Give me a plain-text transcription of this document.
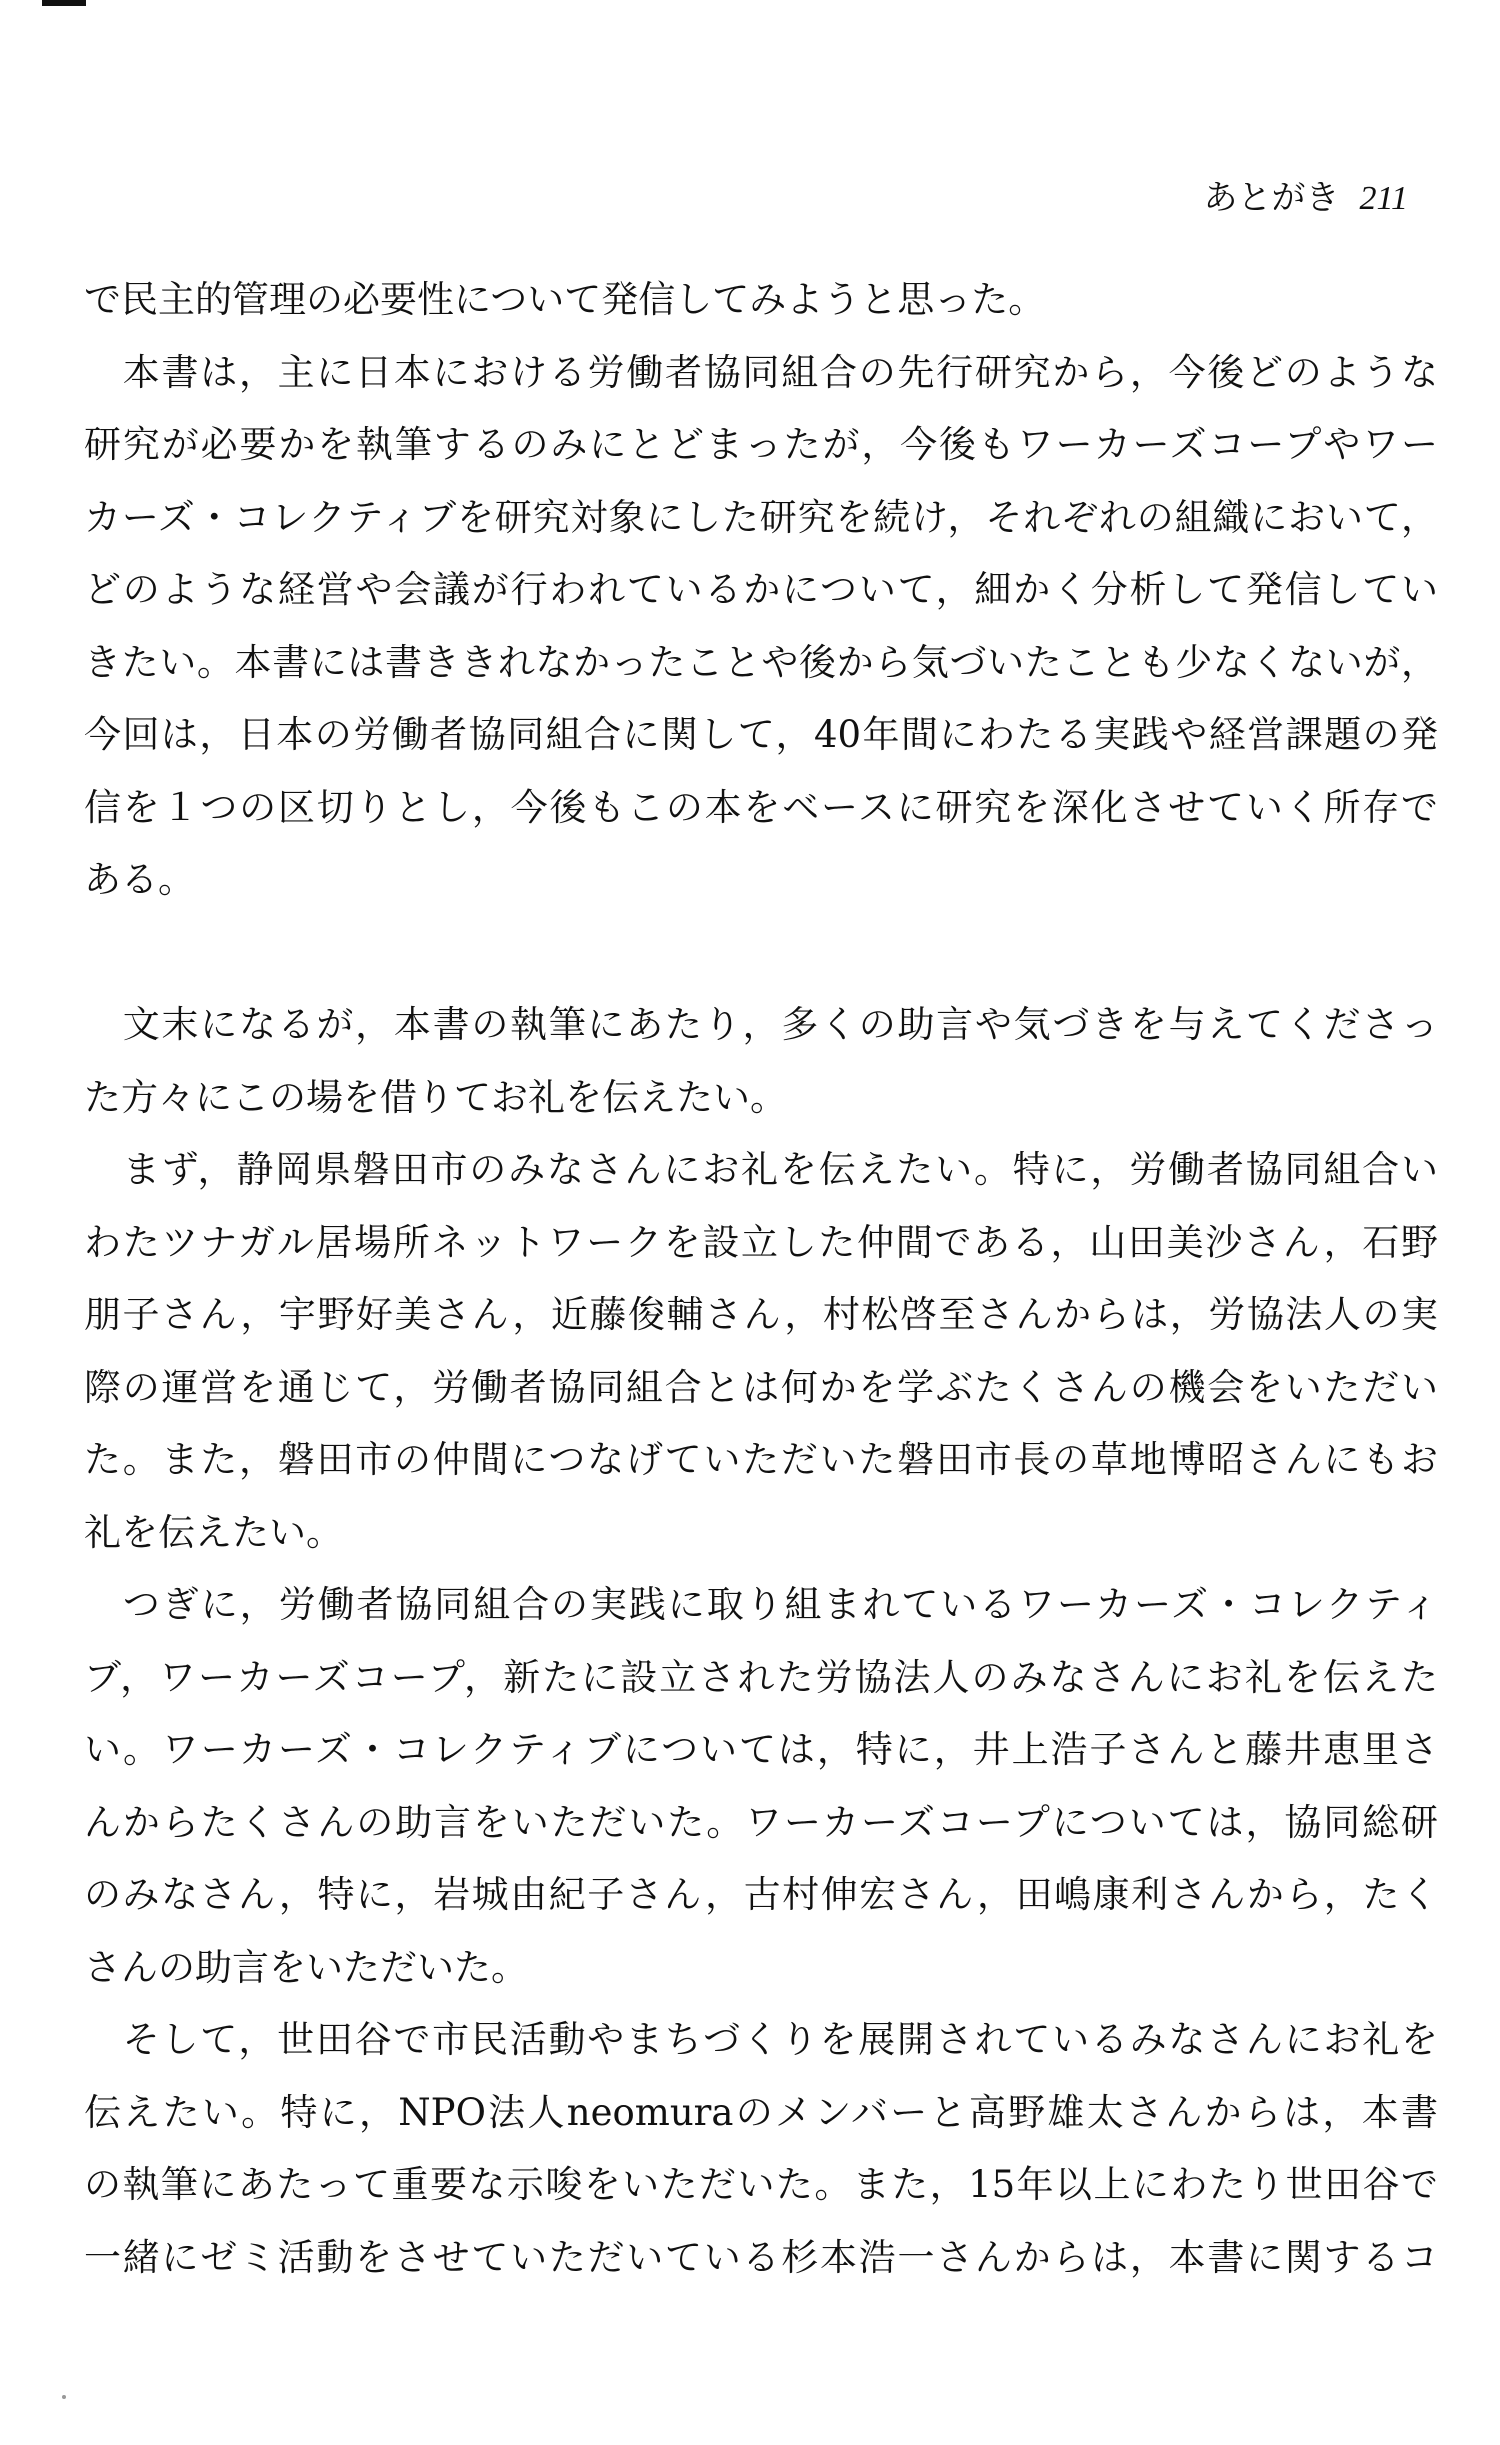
あとがき 211
で民主的管理の必要性について発信してみようと思った。
　本書は，主に日本における労働者協同組合の先行研究から，今後どのような
研究が必要かを執筆するのみにとどまったが，今後もワーカーズコープやワー
カーズ・コレクティブを研究対象にした研究を続け，それぞれの組織において，
どのような経営や会議が行われているかについて，細かく分析して発信してい
きたい。本書には書ききれなかったことや後から気づいたことも少なくないが，
今回は，日本の労働者協同組合に関して，40年間にわたる実践や経営課題の発
信を１つの区切りとし，今後もこの本をベースに研究を深化させていく所存で
ある。
　文末になるが，本書の執筆にあたり，多くの助言や気づきを与えてくださっ
た方々にこの場を借りてお礼を伝えたい。
　まず，静岡県磐田市のみなさんにお礼を伝えたい。特に，労働者協同組合い
わたツナガル居場所ネットワークを設立した仲間である，山田美沙さん，石野
朋子さん，宇野好美さん，近藤俊輔さん，村松啓至さんからは，労協法人の実
際の運営を通じて，労働者協同組合とは何かを学ぶたくさんの機会をいただい
た。また，磐田市の仲間につなげていただいた磐田市長の草地博昭さんにもお
礼を伝えたい。
　つぎに，労働者協同組合の実践に取り組まれているワーカーズ・コレクティ
ブ，ワーカーズコープ，新たに設立された労協法人のみなさんにお礼を伝えた
い。ワーカーズ・コレクティブについては，特に，井上浩子さんと藤井恵里さ
んからたくさんの助言をいただいた。ワーカーズコープについては，協同総研
のみなさん，特に，岩城由紀子さん，古村伸宏さん，田嶋康利さんから，たく
さんの助言をいただいた。
　そして，世田谷で市民活動やまちづくりを展開されているみなさんにお礼を
伝えたい。特に，NPO法人neomuraのメンバーと高野雄太さんからは，本書
の執筆にあたって重要な示唆をいただいた。また，15年以上にわたり世田谷で
一緒にゼミ活動をさせていただいている杉本浩一さんからは，本書に関するコ
